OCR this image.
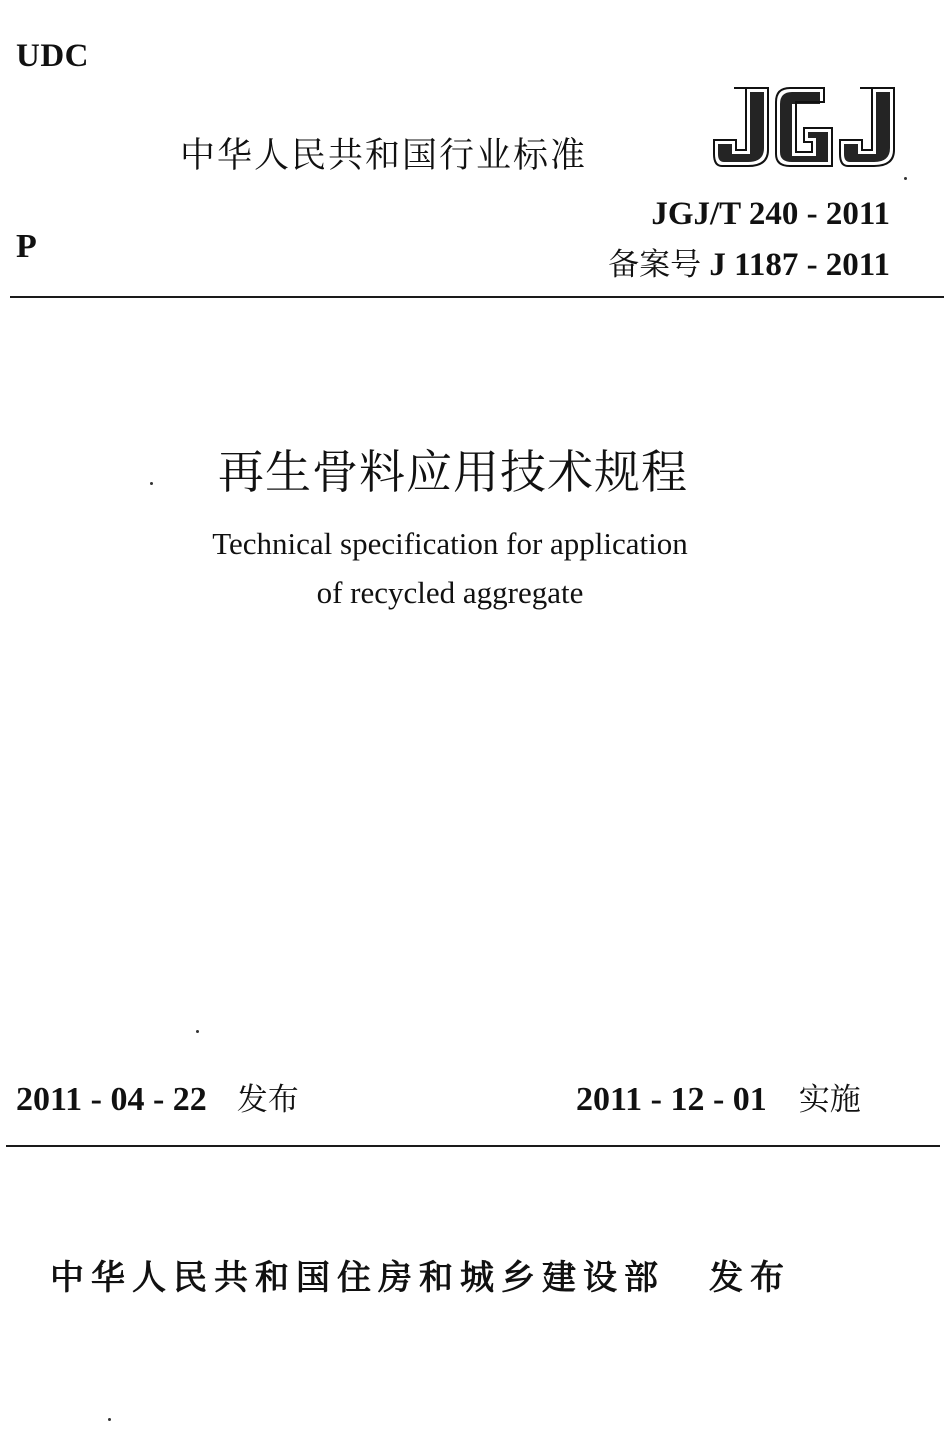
UDC
中华人民共和国行业标准
JGJ/T 240 - 2011
备案号 J 1187 - 2011
P
再生骨料应用技术规程
Technical specification for application
of recycled aggregate
2011 - 04 - 22 发布	2011 - 12 - 01 实施
中华人民共和国住房和城乡建设部 发布
